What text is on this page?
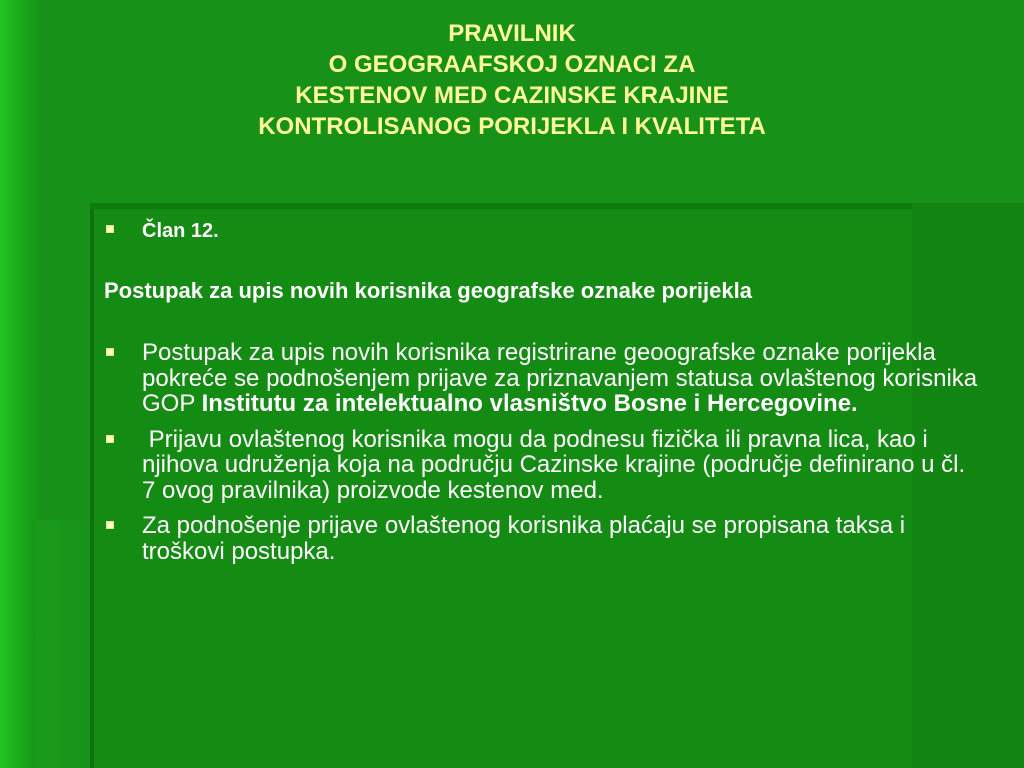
PRAVILNIK
O GEOGRAAFSKOJ OZNACI ZA
KESTENOV MED CAZINSKE KRAJINE
KONTROLISANOG PORIJEKLA I KVALITETA
Član 12.
Postupak za upis novih korisnika geografske oznake porijekla
Postupak za upis novih korisnika registrirane geoografske oznake porijekla pokreće se podnošenjem prijave za priznavanjem statusa ovlaštenog korisnika GOP Institutu za intelektualno vlasništvo Bosne i Hercegovine.
Prijavu ovlaštenog korisnika mogu da podnesu fizička ili pravna lica, kao i njihova udruženja koja na području Cazinske krajine (područje definirano u čl. 7 ovog pravilnika) proizvode kestenov med.
Za podnošenje prijave ovlaštenog korisnika plaćaju se propisana taksa i troškovi postupka.
